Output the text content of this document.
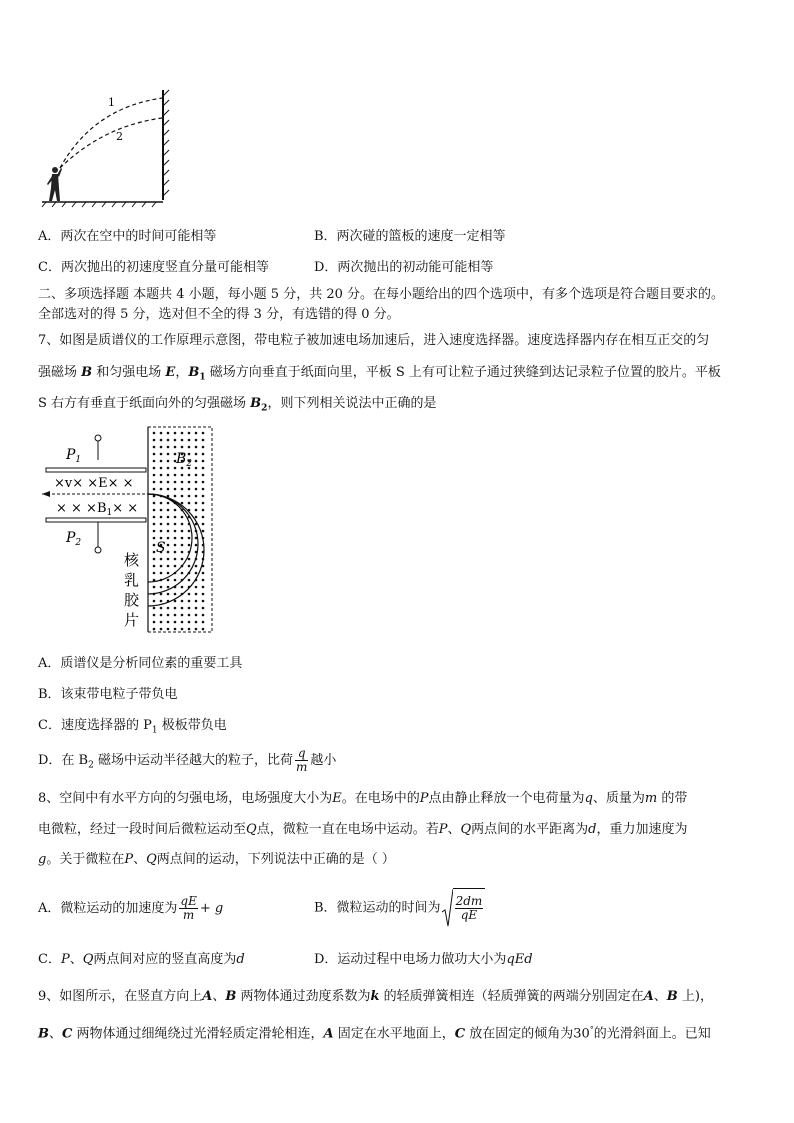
1
2
A．两次在空中的时间可能相等	B．两次碰的篮板的速度一定相等
C．两次抛出的初速度竖直分量可能相等	D．两次抛出的初动能可能相等
二、多项选择题 本题共 4 小题，每小题 5 分，共 20 分。在每小题给出的四个选项中，有多个选项是符合题目要求的。
全部选对的得 5 分，选对但不全的得 3 分，有选错的得 0 分。
7、如图是质谱仪的工作原理示意图，带电粒子被加速电场加速后，进入速度选择器。速度选择器内存在相互正交的匀
强磁场 B 和匀强电场 E，$B_1$ 磁场方向垂直于纸面向里，平板 S 上有可让粒子通过狭缝到达记录粒子位置的胶片。平板
S 右方有垂直于纸面向外的匀强磁场 $B_2$，则下列相关说法中正确的是
$P_1$
$P_2$
$B_2$
×v× ×E× ×
× × $\times B_1\times$ ×
S
核
乳
胶
片
A．质谱仪是分析同位素的重要工具
B．该束带电粒子带负电
C．速度选择器的 $P_1$ 极板带负电
D．在 $B_2$ 磁场中运动半径越大的粒子，比荷 $\frac{q}{m}$ 越小
8、空间中有水平方向的匀强电场，电场强度大小为E。在电场中的P点由静止释放一个电荷量为q、质量为m 的带
电微粒，经过一段时间后微粒运动至Q点，微粒一直在电场中运动。若P、Q两点间的水平距离为d，重力加速度为
g。关于微粒在P、Q两点间的运动，下列说法中正确的是（ ）
A．微粒运动的加速度为 $\frac{qE}{m} + g$	B．微粒运动的时间为 $\frac{2dm}{qE}$
C．P、Q两点间对应的竖直高度为d	D．运动过程中电场力做功大小为qEd
9、如图所示，在竖直方向上A、B 两物体通过劲度系数为k 的轻质弹簧相连（轻质弹簧的两端分别固定在A、B 上)，
B、C 两物体通过细绳绕过光滑轻质定滑轮相连，A 固定在水平地面上，C 放在固定的倾角为30°的光滑斜面上。已知
